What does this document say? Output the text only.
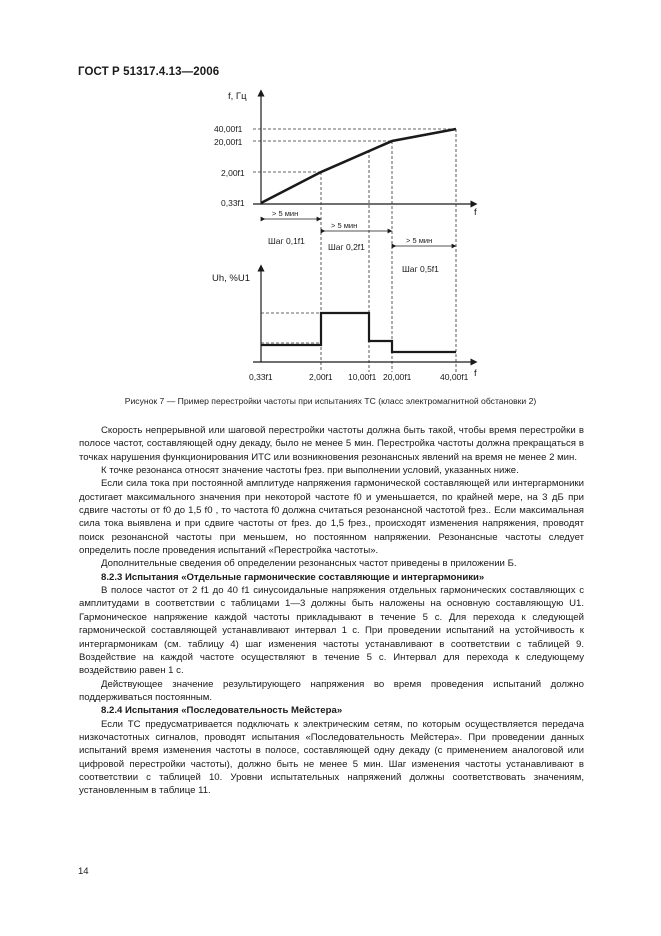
ГОСТ Р 51317.4.13—2006
f, Гц
40,00f1
20,00f1
2,00f1
0,33f1
f
> 5 мин
> 5 мин
> 5 мин
Шаг 0,1f1
Шаг 0,2f1
Шаг 0,5f1
Uh, %U1
0,33f1	2,00f1 10,00f1 20,00f1	40,00f1 f
Рисунок 7 — Пример перестройки частоты при испытаниях ТС (класс электромагнитной обстановки 2)

Скорость непрерывной или шаговой перестройки частоты должна быть такой, чтобы время перестройки в полосе частот, составляющей одну декаду, было не менее 5 мин. Перестройка частоты должна прекращаться в точках нарушения функционирования ИТС или возникновения резонансных явлений на время не менее 2 мин.

К точке резонанса относят значение частоты fрез. при выполнении условий, указанных ниже.

Если сила тока при постоянной амплитуде напряжения гармонической составляющей или интергармоники достигает максимального значения при некоторой частоте f0 и уменьшается, по крайней мере, на 3 дБ при сдвиге частоты от f0 до 1,5 f0 , то частота f0 должна считаться резонансной частотой fрез.. Если максимальная сила тока выявлена и при сдвиге частоты от fрез. до 1,5 fрез., происходят изменения напряжения, проводят поиск резонансной частоты при меньшем, но постоянном напряжении. Резонансные частоты следует определить после проведения испытаний «Перестройка частоты».

Дополнительные сведения об определении резонансных частот приведены в приложении Б.

8.2.3 Испытания «Отдельные гармонические составляющие и интергармоники»

В полосе частот от 2 f1 до 40 f1 синусоидальные напряжения отдельных гармонических составляющих с амплитудами в соответствии с таблицами 1—3 должны быть наложены на основную составляющую U1. Гармоническое напряжение каждой частоты прикладывают в течение 5 с. Для перехода к следующей гармонической составляющей устанавливают интервал 1 с. При проведении испытаний на устойчивость к интергармоникам (см. таблицу 4) шаг изменения частоты устанавливают в соответствии с таблицей 9. Воздействие на каждой частоте осуществляют в течение 5 с. Интервал для перехода к следующему воздействию равен 1 с.

Действующее значение результирующего напряжения во время проведения испытаний должно поддерживаться постоянным.

8.2.4 Испытания «Последовательность Мейстера»

Если ТС предусматривается подключать к электрическим сетям, по которым осуществляется передача низкочастотных сигналов, проводят испытания «Последовательность Мейстера». При проведении данных испытаний время изменения частоты в полосе, составляющей одну декаду (с применением аналоговой или цифровой перестройки частоты), должно быть не менее 5 мин. Шаг изменения частоты устанавливают в соответствии с таблицей 10. Уровни испытательных напряжений должны соответствовать значениям, установленным в таблице 11.

14
